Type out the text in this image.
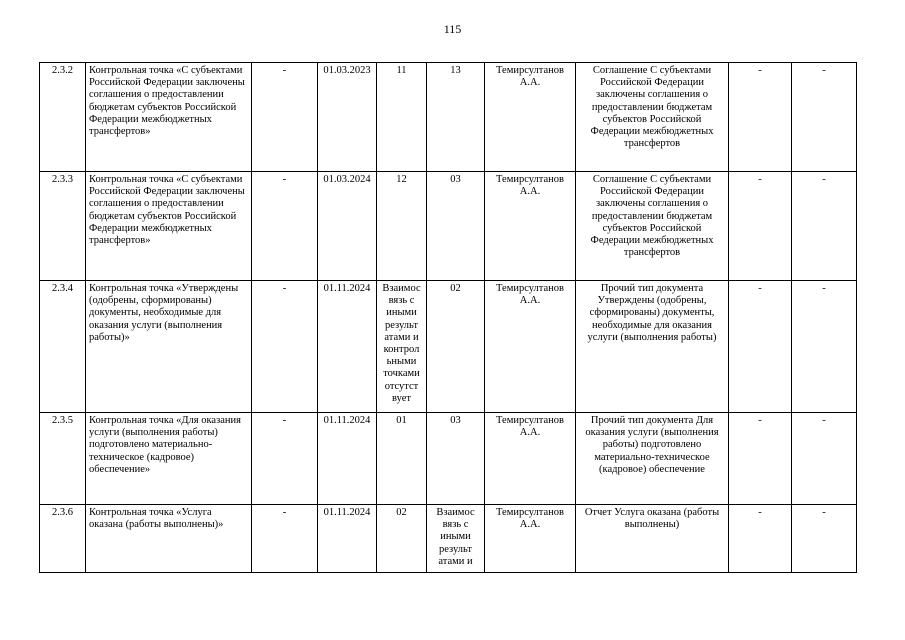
115
2.3.2	Контрольная точка «С субъектами Российской Федерации заключены соглашения о предоставлении бюджетам субъектов Российской Федерации межбюджетных трансфертов»	-	01.03.2023	11	13	Темирсултанов А.А.	Соглашение С субъектами Российской Федерации заключены соглашения о предоставлении бюджетам субъектов Российской Федерации межбюджетных трансфертов	-	-
2.3.3	Контрольная точка «С субъектами Российской Федерации заключены соглашения о предоставлении бюджетам субъектов Российской Федерации межбюджетных трансфертов»	-	01.03.2024	12	03	Темирсултанов А.А.	Соглашение С субъектами Российской Федерации заключены соглашения о предоставлении бюджетам субъектов Российской Федерации межбюджетных трансфертов	-	-
2.3.4	Контрольная точка «Утверждены (одобрены, сформированы) документы, необходимые для оказания услуги (выполнения работы)»	-	01.11.2024	Взаимос вязь с иными результ атами и контрол ьными точками отсутст вует	02	Темирсултанов А.А.	Прочий тип документа Утверждены (одобрены, сформированы) документы, необходимые для оказания услуги (выполнения работы)	-	-
2.3.5	Контрольная точка «Для оказания услуги (выполнения работы) подготовлено материально-техническое (кадровое) обеспечение»	-	01.11.2024	01	03	Темирсултанов А.А.	Прочий тип документа Для оказания услуги (выполнения работы) подготовлено материально-техническое (кадровое) обеспечение	-	-
2.3.6	Контрольная точка «Услуга оказана (работы выполнены)»	-	01.11.2024	02	Взаимос вязь с иными результ атами и	Темирсултанов А.А.	Отчет Услуга оказана (работы выполнены)	-	-
